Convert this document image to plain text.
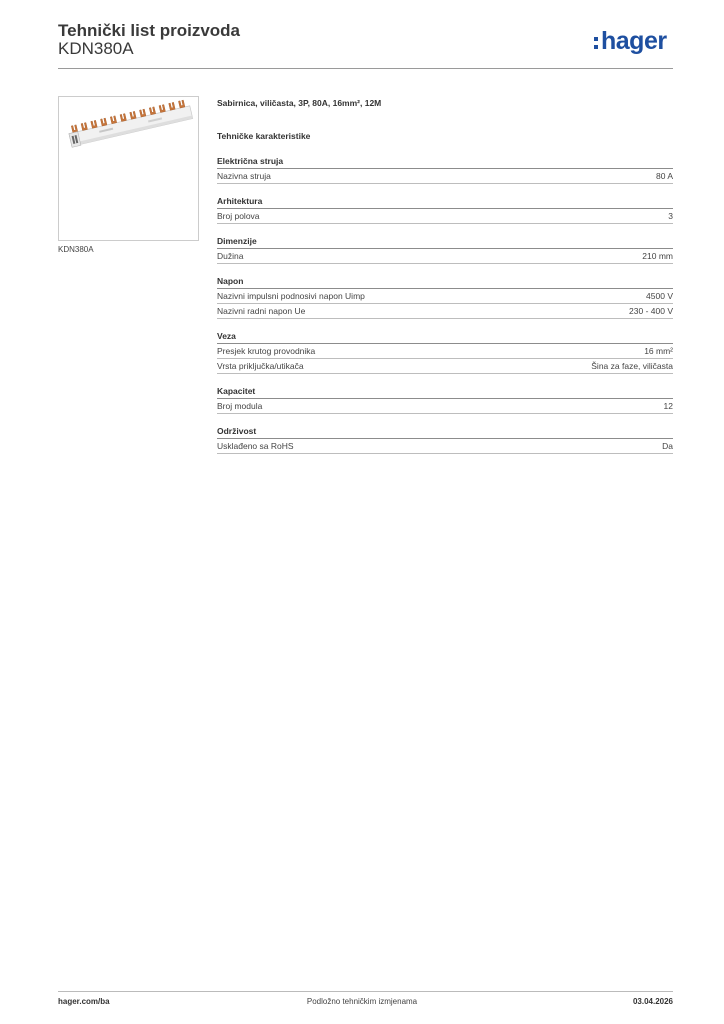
Tehnički list proizvoda
KDN380A	hager
KDN380A
Sabirnica, viličasta, 3P, 80A, 16mm², 12M
Tehničke karakteristike
Električna struja
Nazivna struja	80 A
Arhitektura
Broj polova	3
Dimenzije
Dužina	210 mm
Napon
Nazivni impulsni podnosivi napon Uimp	4500 V
Nazivni radni napon Ue	230 - 400 V
Veza
Presjek krutog provodnika	16 mm²
Vrsta priključka/utikača	Šina za faze, viličasta
Kapacitet
Broj modula	12
Održivost
Usklađeno sa RoHS	Da
hager.com/ba	Podložno tehničkim izmjenama	03.04.2026
